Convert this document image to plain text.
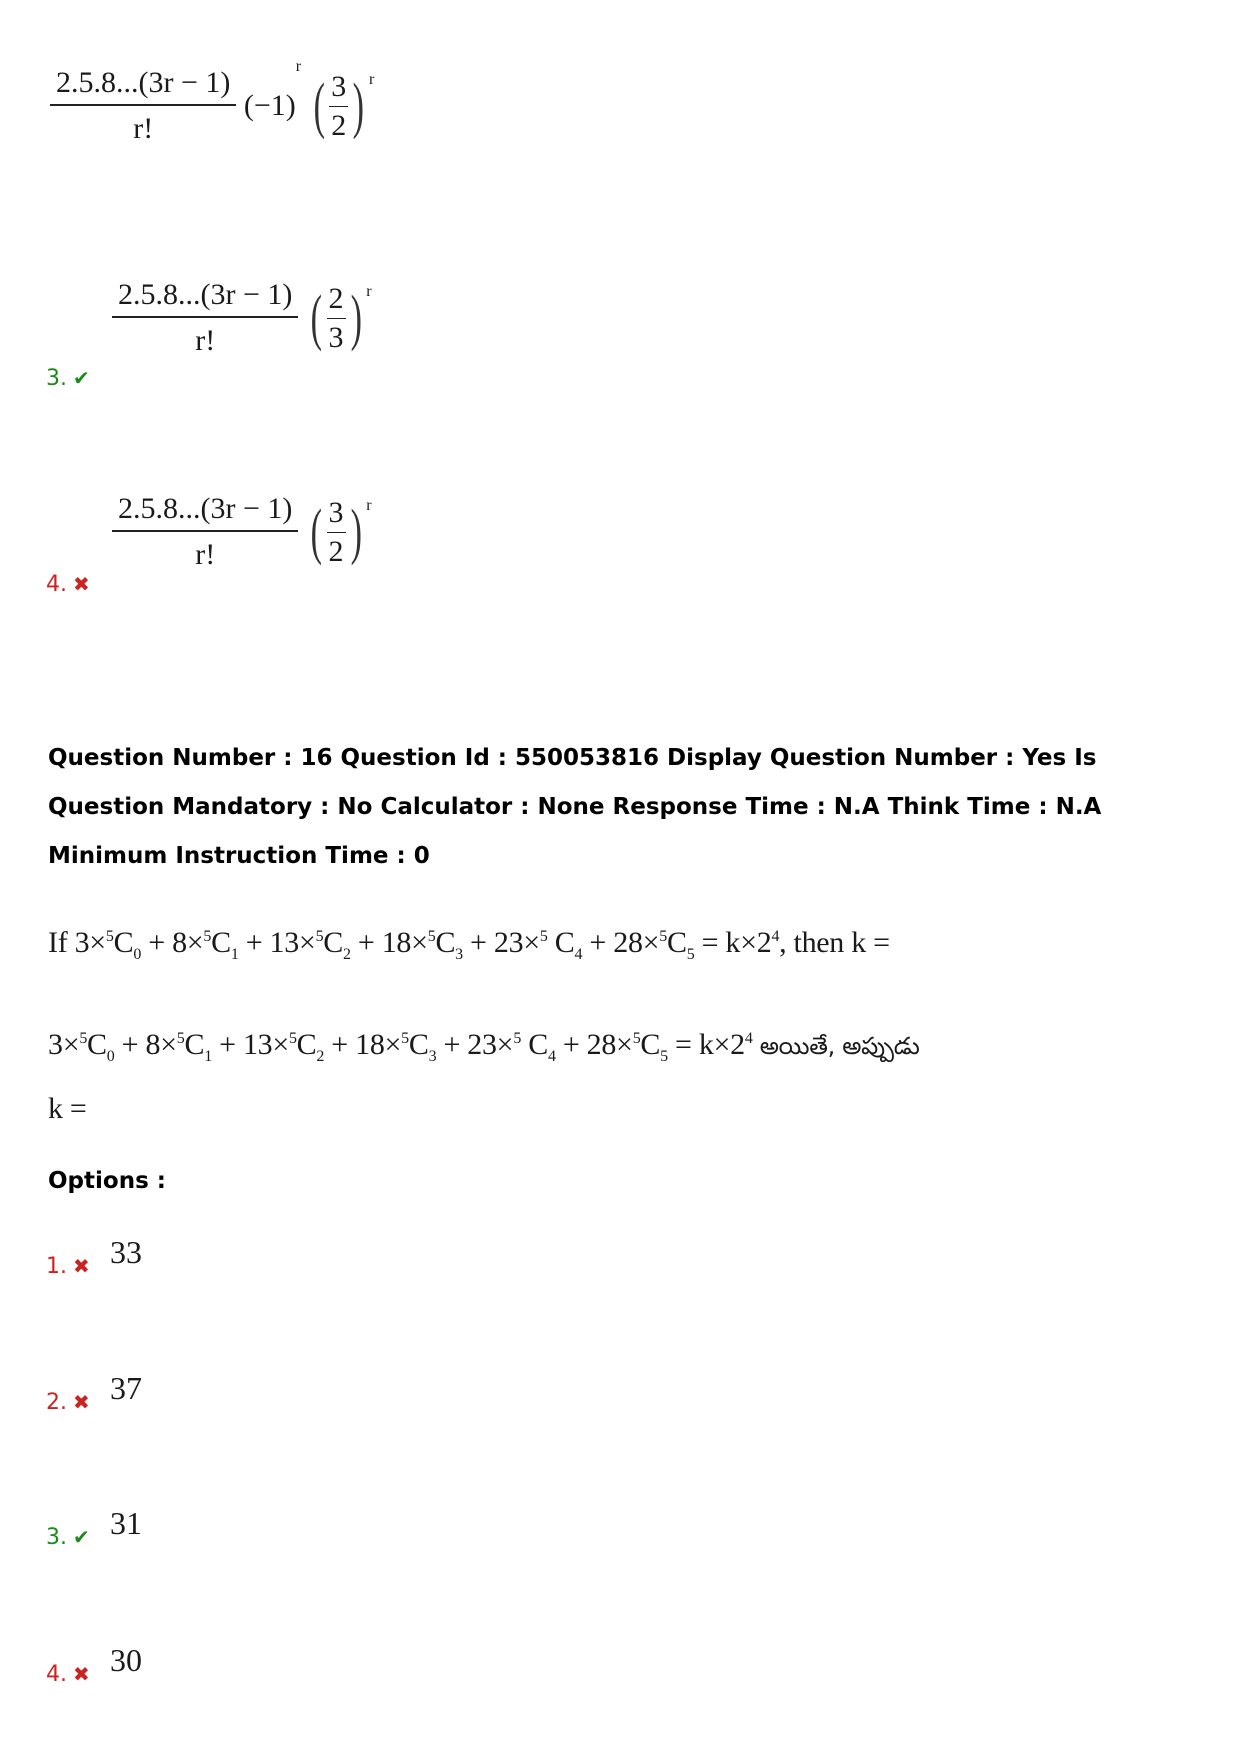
$\frac{2.5.8...(3r - 1)}{r!} (-1)^r$
( $\frac{3}{2}$ ) r
3. ✔
$\frac{2.5.8...(3r - 1)}{r!}$
( $\frac{2}{3}$ ) r
4. ✖
$\frac{2.5.8...(3r - 1)}{r!}$
( $\frac{3}{2}$ ) r
Question Number : 16 Question Id : 550053816 Display Question Number : Yes Is Question Mandatory : No Calculator : None Response Time : N.A Think Time : N.A Minimum Instruction Time : 0
If $3\times^5C_0 + 8\times^5C_1 + 13\times^5C_2 + 18\times^5C_3 + 23\times^5$ $C_4 + 28\times^5C_5 = k\times 2^4$, then k =
$3\times^5C_0 + 8\times^5C_1 + 13\times^5C_2 + 18\times^5C_3 + 23\times^5$ $C_4 + 28\times^5C_5 = k\times 2^4$ అయితే, అప్పుడు
k =
Options :
1. ✖ 33
2. ✖ 37
3. ✔ 31
4. ✖ 30
